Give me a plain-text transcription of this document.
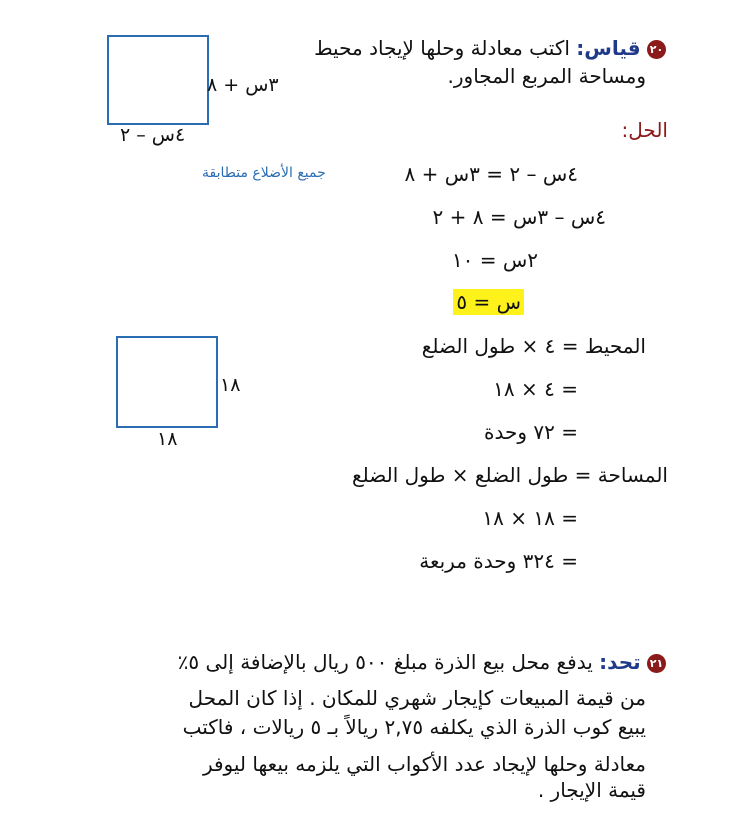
٢٠ قياس: اكتب معادلة وحلها لإيجاد محيط
ومساحة المربع المجاور.
٣س + ٨
٤س – ٢	الحل:
جميع الأضلاع متطابقة	٤س – ٢ = ٣س + ٨
٤س – ٣س = ٨ + ٢
٢س = ١٠
س = ٥
١٨
١٨
المحيط = ٤ × طول الضلع
= ٤ × ١٨
= ٧٢ وحدة
المساحة = طول الضلع × طول الضلع
= ١٨ × ١٨
= ٣٢٤ وحدة مربعة
٢١ تحد: يدفع محل بيع الذرة مبلغ ٥٠٠ ريال بالإضافة إلى ٥٪
من قيمة المبيعات كإيجار شهري للمكان . إذا كان المحل
يبيع كوب الذرة الذي يكلفه ٢,٧٥ ريالاً بـ ٥ ريالات ، فاكتب
معادلة وحلها لإيجاد عدد الأكواب التي يلزمه بيعها ليوفر
قيمة الإيجار .
